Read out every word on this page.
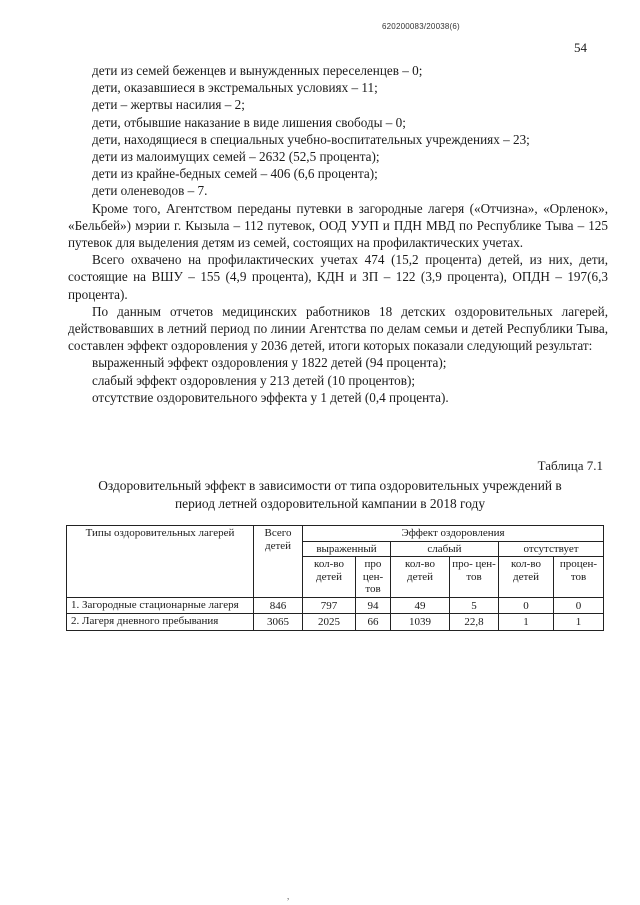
620200083/20038(6)
54
дети из семей беженцев и вынужденных переселенцев – 0;
дети, оказавшиеся в экстремальных условиях – 11;
дети – жертвы насилия – 2;
дети, отбывшие наказание в виде лишения свободы – 0;
дети, находящиеся в специальных учебно-воспитательных учреждениях – 23;
дети из малоимущих семей – 2632 (52,5 процента);
дети из крайне-бедных семей – 406 (6,6 процента);
дети оленеводов – 7.

Кроме того, Агентством переданы путевки в загородные лагеря («Отчизна», «Орленок», «Бельбей») мэрии г. Кызыла – 112 путевок, ООД УУП и ПДН МВД по Республике Тыва – 125 путевок для выделения детям из семей, состоящих на профилактических учетах.

Всего охвачено на профилактических учетах 474 (15,2 процента) детей, из них, дети, состоящие на ВШУ – 155 (4,9 процента), КДН и ЗП – 122 (3,9 процента), ОПДН – 197(6,3 процента).

По данным отчетов медицинских работников 18 детских оздоровительных лагерей, действовавших в летний период по линии Агентства по делам семьи и детей Республики Тыва, составлен эффект оздоровления у 2036 детей, итоги которых показали следующий результат:

выраженный эффект оздоровления у 1822 детей (94 процента);
слабый эффект оздоровления у 213 детей (10 процентов);
отсутствие оздоровительного эффекта у 1 детей (0,4 процента).
Таблица 7.1
Оздоровительный эффект в зависимости от типа оздоровительных учреждений в период летней оздоровительной кампании в 2018 году
Типы оздоровительных лагерей	Всего детей	Эффект оздоровления					
		выраженный		слабый		отсутствует	
		кол-во детей	про цен- тов	кол-во детей	про- цен- тов	кол-во детей	процен- тов
1. Загородные стационарные лагеря	846	797	94	49	5	0	0
2. Лагеря дневного пребывания	3065	2025	66	1039	22,8	1	1
,
